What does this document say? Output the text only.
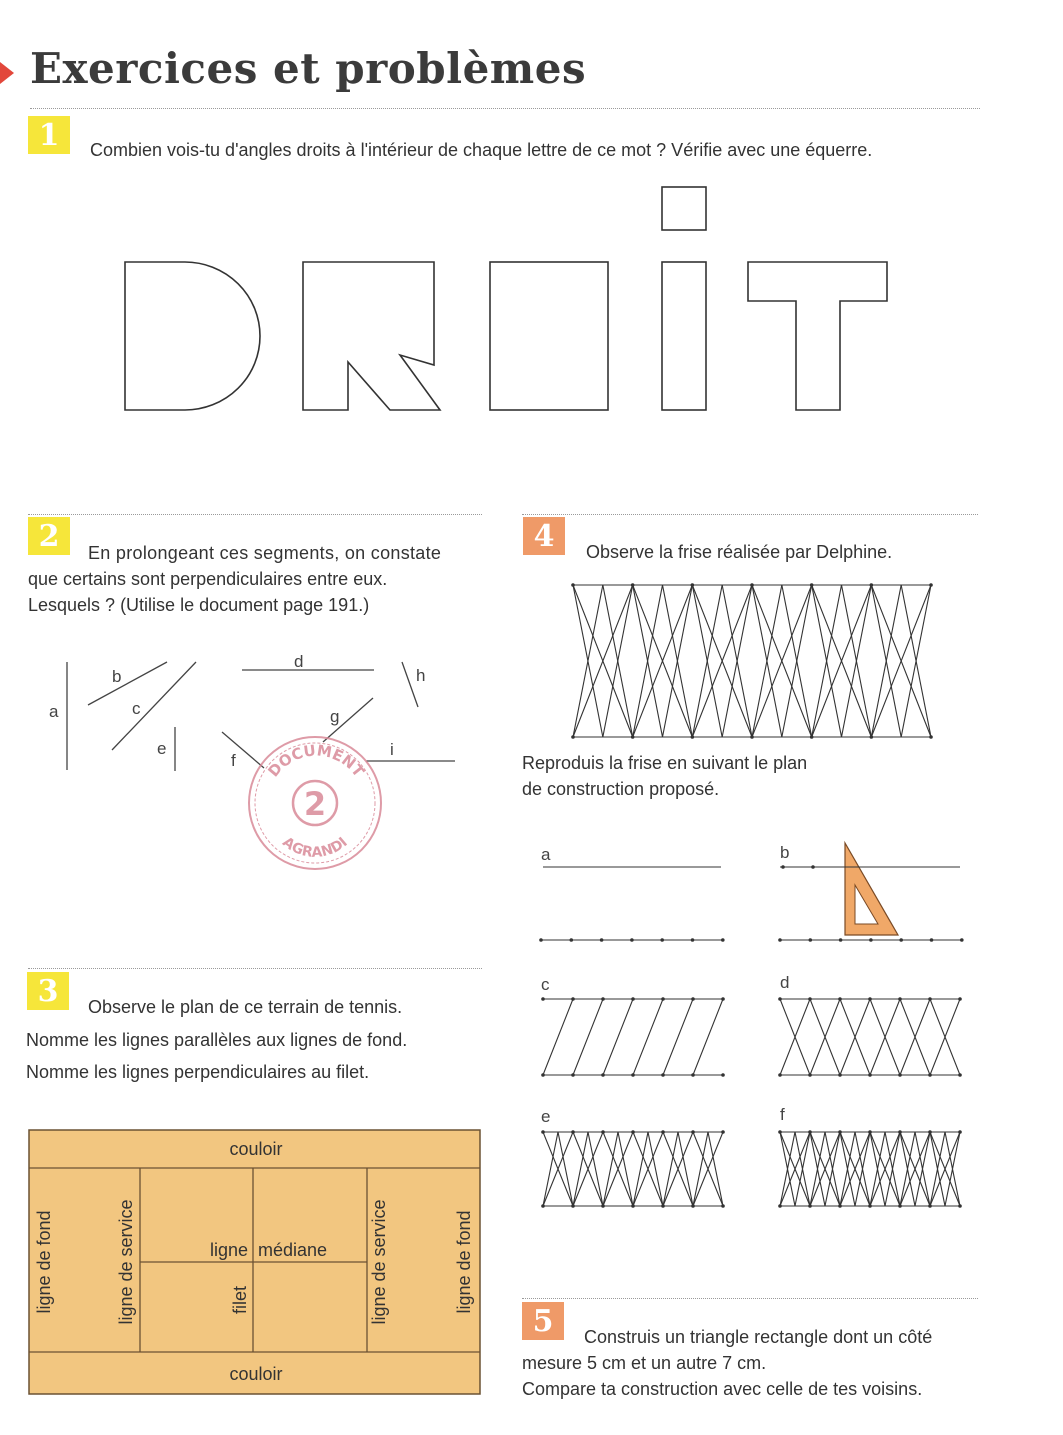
Exercices et problèmes
1	Combien vois-tu d'angles droits à l'intérieur de chaque lettre de ce mot ? Vérifie avec une équerre.
2	En prolongeant ces segments, on constate
que certains sont perpendiculaires entre eux.
Lesquels ? (Utilise le document page 191.)
a
b
c
d
e
f
g
h
i
DOCUMENT
2
AGRANDI
3	Observe le plan de ce terrain de tennis.
Nomme les lignes parallèles aux lignes de fond.
Nomme les lignes perpendiculaires au filet.
couloir
couloir
ligne médiane
ligne de fond	ligne de service	filet	ligne de service	ligne de fond
4	Observe la frise réalisée par Delphine.
Reproduis la frise en suivant le plan
de construction proposé.
a	b
c	d
e	f
5	Construis un triangle rectangle dont un côté
mesure 5 cm et un autre 7 cm.
Compare ta construction avec celle de tes voisins.
